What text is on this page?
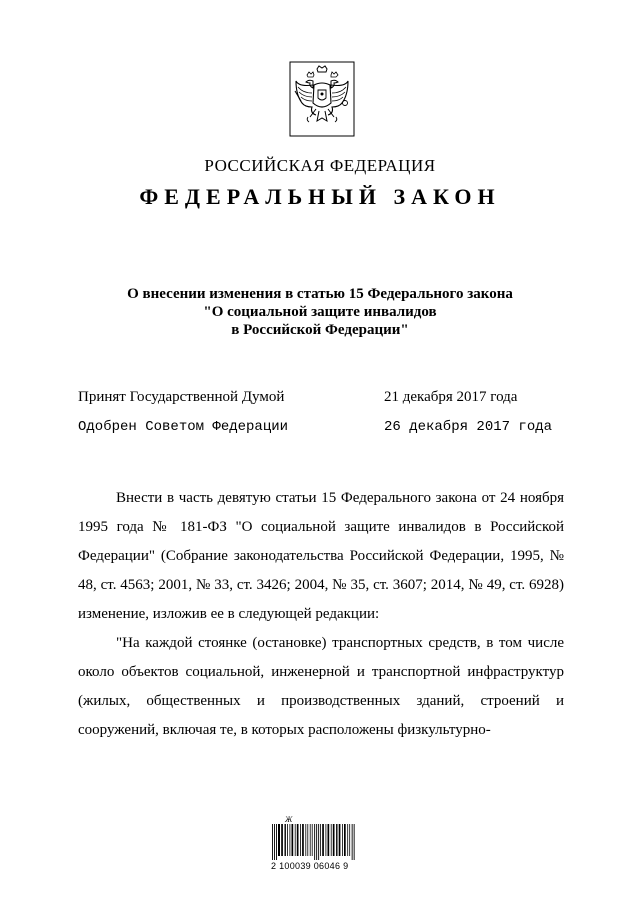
РОССИЙСКАЯ ФЕДЕРАЦИЯ
ФЕДЕРАЛЬНЫЙ ЗАКОН
О внесении изменения в статью 15 Федерального закона
"О социальной защите инвалидов
в Российской Федерации"
Принят Государственной Думой	21 декабря 2017 года
Одобрен Советом Федерации	26 декабря 2017 года

Внести в часть девятую статьи 15 Федерального закона от 24 ноября 1995 года № 181-ФЗ "О социальной защите инвалидов в Российской Федерации" (Собрание законодательства Российской Федерации, 1995, № 48, ст. 4563; 2001, № 33, ст. 3426; 2004, № 35, ст. 3607; 2014, № 49, ст. 6928) изменение, изложив ее в следующей редакции:

"На каждой стоянке (остановке) транспортных средств, в том числе около объектов социальной, инженерной и транспортной инфраструктур (жилых, общественных и производственных зданий, строений и сооружений, включая те, в которых расположены физкультурно-

Ж
2 100039 06046 9
